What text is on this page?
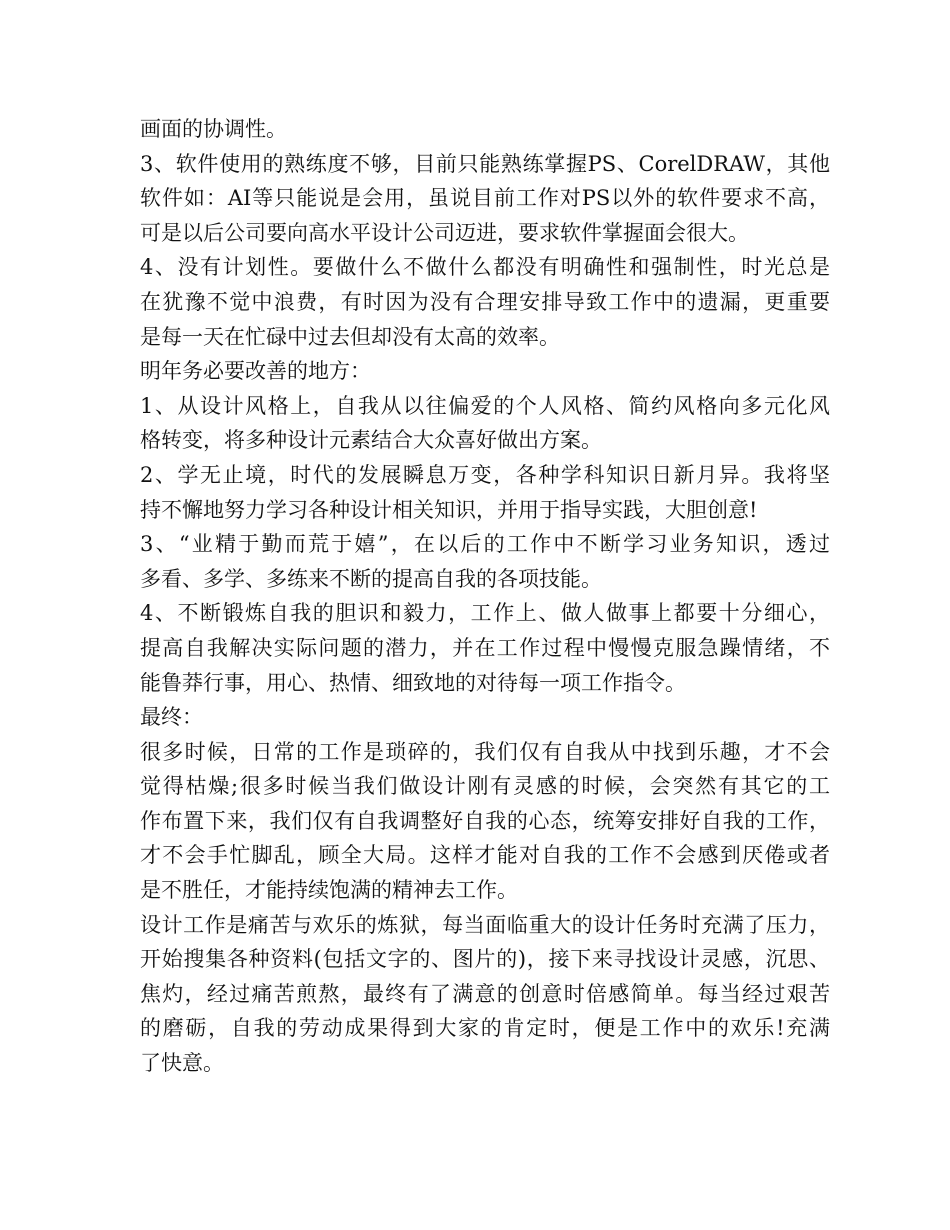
画面的协调性。
3、软件使用的熟练度不够，目前只能熟练掌握PS、CorelDRAW，其他
软件如：AI等只能说是会用，虽说目前工作对PS以外的软件要求不高，
可是以后公司要向高水平设计公司迈进，要求软件掌握面会很大。
4、没有计划性。要做什么不做什么都没有明确性和强制性，时光总是
在犹豫不觉中浪费，有时因为没有合理安排导致工作中的遗漏，更重要
是每一天在忙碌中过去但却没有太高的效率。
明年务必要改善的地方：
1、从设计风格上，自我从以往偏爱的个人风格、简约风格向多元化风
格转变，将多种设计元素结合大众喜好做出方案。
2、学无止境，时代的发展瞬息万变，各种学科知识日新月异。我将坚
持不懈地努力学习各种设计相关知识，并用于指导实践，大胆创意!
3、“业精于勤而荒于嬉”，在以后的工作中不断学习业务知识，透过
多看、多学、多练来不断的提高自我的各项技能。
4、不断锻炼自我的胆识和毅力，工作上、做人做事上都要十分细心，
提高自我解决实际问题的潜力，并在工作过程中慢慢克服急躁情绪，不
能鲁莽行事，用心、热情、细致地的对待每一项工作指令。
最终：
很多时候，日常的工作是琐碎的，我们仅有自我从中找到乐趣，才不会
觉得枯燥;很多时候当我们做设计刚有灵感的时候，会突然有其它的工
作布置下来，我们仅有自我调整好自我的心态，统筹安排好自我的工作，
才不会手忙脚乱，顾全大局。这样才能对自我的工作不会感到厌倦或者
是不胜任，才能持续饱满的精神去工作。
设计工作是痛苦与欢乐的炼狱，每当面临重大的设计任务时充满了压力，
开始搜集各种资料(包括文字的、图片的)，接下来寻找设计灵感，沉思、
焦灼，经过痛苦煎熬，最终有了满意的创意时倍感简单。每当经过艰苦
的磨砺，自我的劳动成果得到大家的肯定时，便是工作中的欢乐!充满
了快意。
